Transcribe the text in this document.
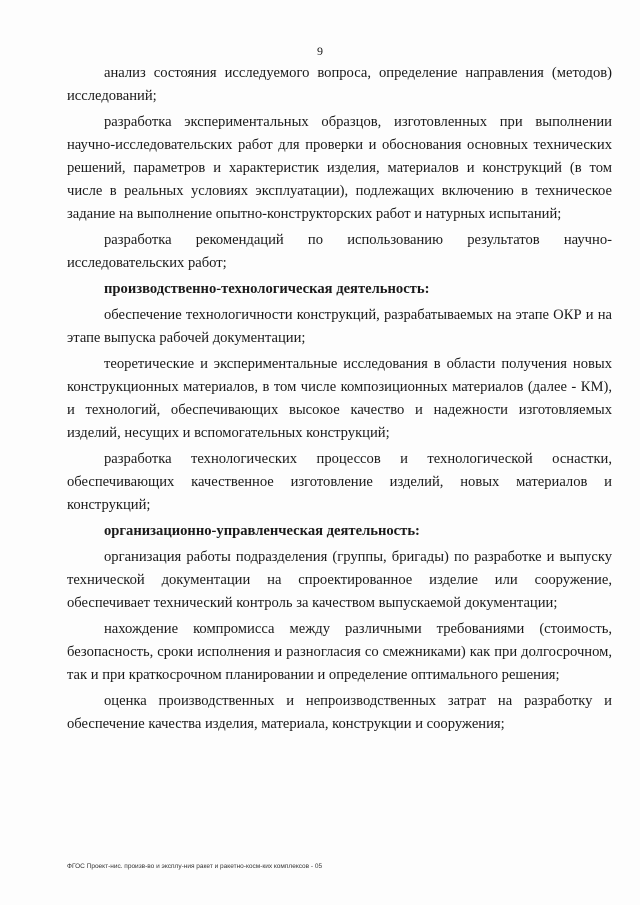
9

анализ состояния исследуемого вопроса, определение направления (методов) исследований;

разработка экспериментальных образцов, изготовленных при выполнении научно-исследовательских работ для проверки и обоснования основных технических решений, параметров и характеристик изделия, материалов и конструкций (в том числе в реальных условиях эксплуатации), подлежащих включению в техническое задание на выполнение опытно-конструкторских работ и натурных испытаний;

разработка рекомендаций по использованию результатов научно-исследовательских работ;

производственно-технологическая деятельность:

обеспечение технологичности конструкций, разрабатываемых на этапе ОКР и на этапе выпуска рабочей документации;

теоретические и экспериментальные исследования в области получения новых конструкционных материалов, в том числе композиционных материалов (далее - КМ), и технологий, обеспечивающих высокое качество и надежности изготовляемых изделий, несущих и вспомогательных конструкций;

разработка технологических процессов и технологической оснастки, обеспечивающих качественное изготовление изделий, новых материалов и конструкций;

организационно-управленческая деятельность:

организация работы подразделения (группы, бригады) по разработке и выпуску технической документации на спроектированное изделие или сооружение, обеспечивает технический контроль за качеством выпускаемой документации;

нахождение компромисса между различными требованиями (стоимость, безопасность, сроки исполнения и разногласия со смежниками) как при долгосрочном, так и при краткосрочном планировании и определение оптимального решения;

оценка производственных и непроизводственных затрат на разработку и обеспечение качества изделия, материала, конструкции и сооружения;

ФГОС Проект-нис. произв-во и эксплу-ния ракет и ракетно-косм-ких комплексов - 05
